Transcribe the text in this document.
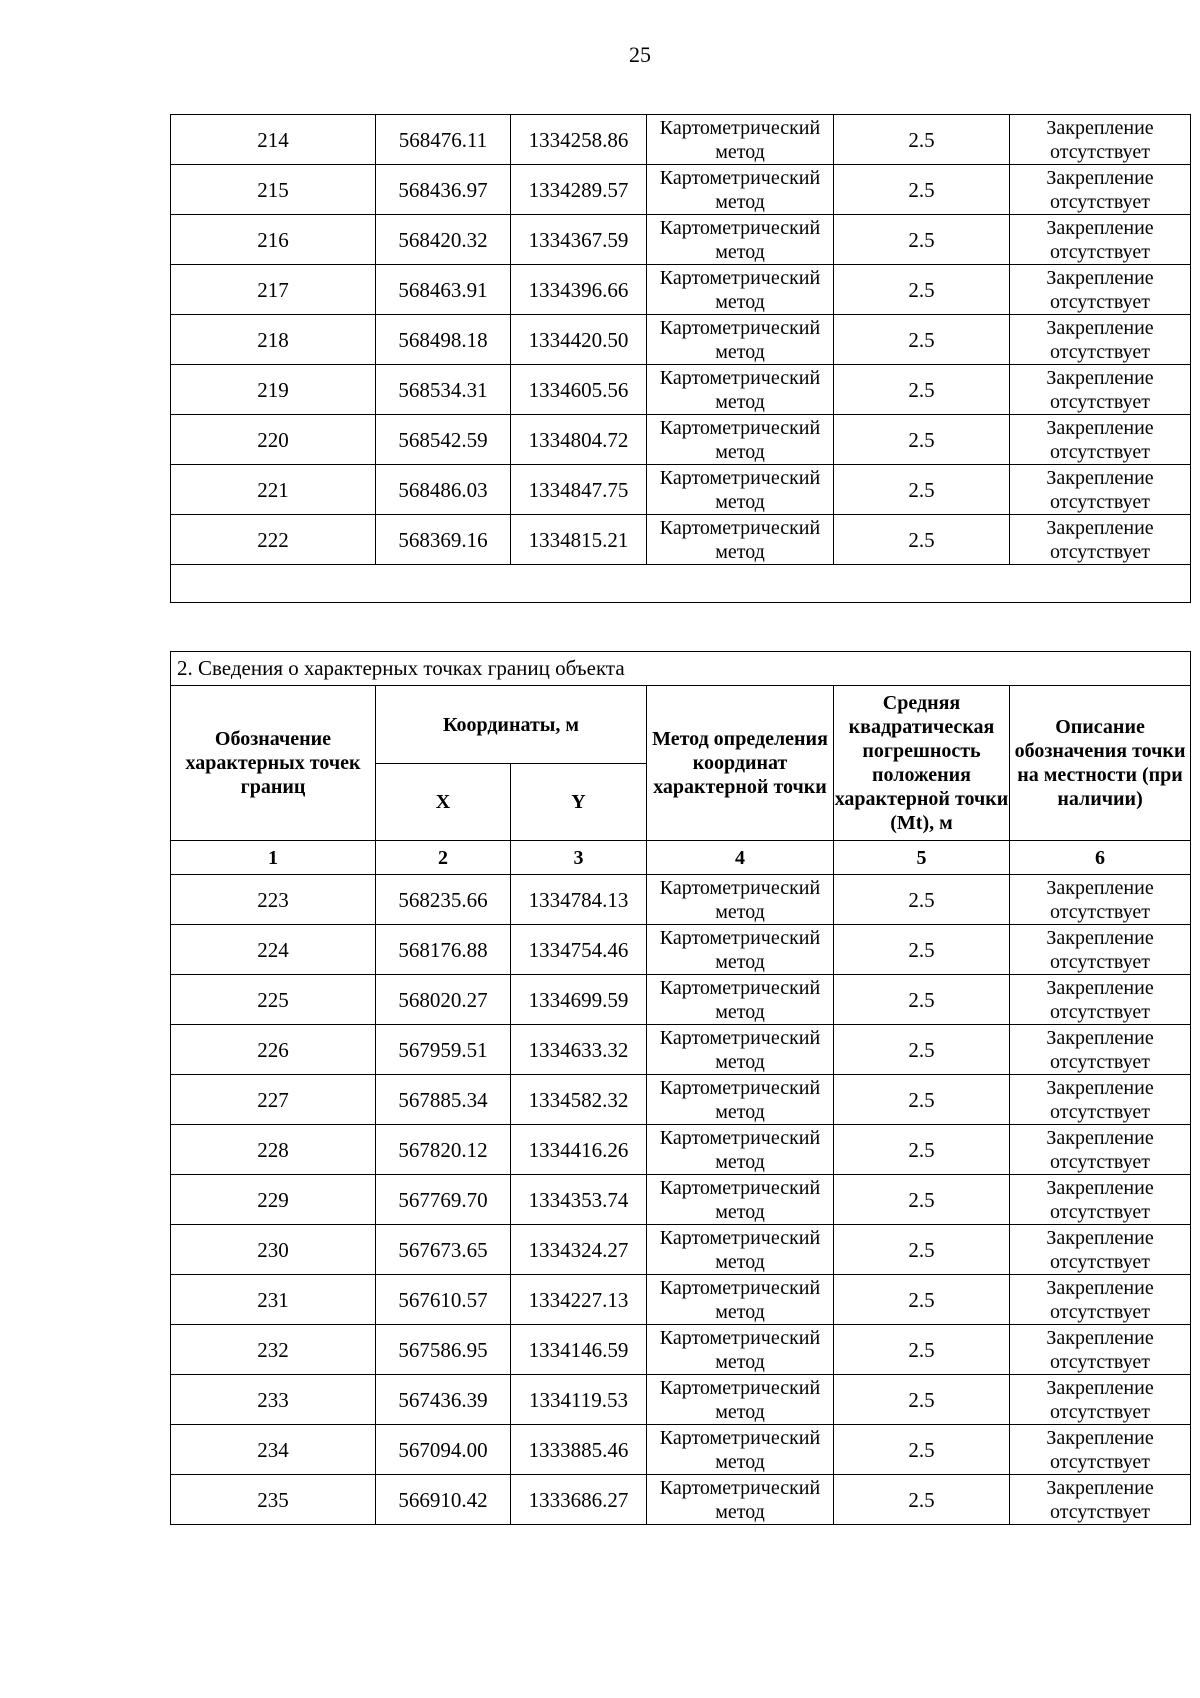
25
214	568476.11	1334258.86	Картометрический метод	2.5	Закрепление отсутствует
215	568436.97	1334289.57	Картометрический метод	2.5	Закрепление отсутствует
216	568420.32	1334367.59	Картометрический метод	2.5	Закрепление отсутствует
217	568463.91	1334396.66	Картометрический метод	2.5	Закрепление отсутствует
218	568498.18	1334420.50	Картометрический метод	2.5	Закрепление отсутствует
219	568534.31	1334605.56	Картометрический метод	2.5	Закрепление отсутствует
220	568542.59	1334804.72	Картометрический метод	2.5	Закрепление отсутствует
221	568486.03	1334847.75	Картометрический метод	2.5	Закрепление отсутствует
222	568369.16	1334815.21	Картометрический метод	2.5	Закрепление отсутствует

2. Сведения о характерных точках границ объекта					
Обозначение характерных точек границ	Координаты, м		Метод определения координат характерной точки	Средняя квадратическая погрешность положения характерной точки (Mt), м	Описание обозначения точки на местности (при наличии)
	X	Y			
1	2	3	4	5	6
223	568235.66	1334784.13	Картометрический метод	2.5	Закрепление отсутствует
224	568176.88	1334754.46	Картометрический метод	2.5	Закрепление отсутствует
225	568020.27	1334699.59	Картометрический метод	2.5	Закрепление отсутствует
226	567959.51	1334633.32	Картометрический метод	2.5	Закрепление отсутствует
227	567885.34	1334582.32	Картометрический метод	2.5	Закрепление отсутствует
228	567820.12	1334416.26	Картометрический метод	2.5	Закрепление отсутствует
229	567769.70	1334353.74	Картометрический метод	2.5	Закрепление отсутствует
230	567673.65	1334324.27	Картометрический метод	2.5	Закрепление отсутствует
231	567610.57	1334227.13	Картометрический метод	2.5	Закрепление отсутствует
232	567586.95	1334146.59	Картометрический метод	2.5	Закрепление отсутствует
233	567436.39	1334119.53	Картометрический метод	2.5	Закрепление отсутствует
234	567094.00	1333885.46	Картометрический метод	2.5	Закрепление отсутствует
235	566910.42	1333686.27	Картометрический метод	2.5	Закрепление отсутствует
